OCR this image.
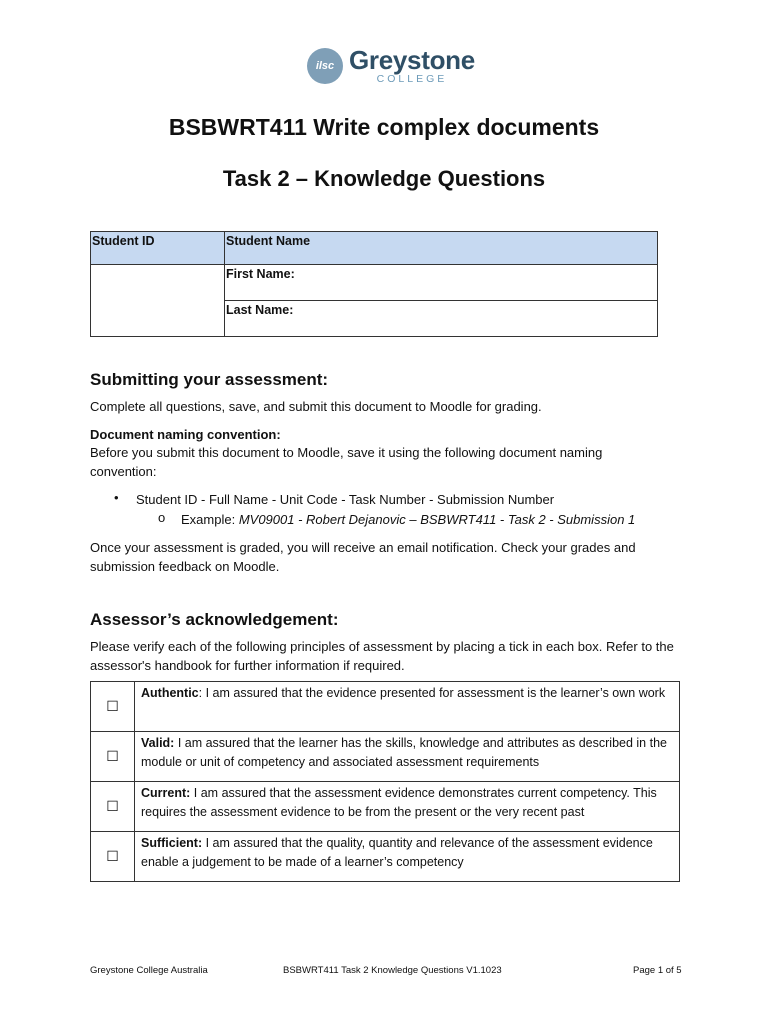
ilsc Greystone
COLLEGE
BSBWRT411 Write complex documents
Task 2 – Knowledge Questions
Student ID	Student Name
	First Name:
	Last Name:
Submitting your assessment:
Complete all questions, save, and submit this document to Moodle for grading.
Document naming convention:
Before you submit this document to Moodle, save it using the following document naming convention:
• Student ID - Full Name - Unit Code - Task Number - Submission Number
o Example: MV09001 - Robert Dejanovic – BSBWRT411 - Task 2 - Submission 1
Once your assessment is graded, you will receive an email notification. Check your grades and submission feedback on Moodle.
Assessor’s acknowledgement:
Please verify each of the following principles of assessment by placing a tick in each box. Refer to the assessor's handbook for further information if required.
☐	Authentic: I am assured that the evidence presented for assessment is the learner’s own work
☐	Valid: I am assured that the learner has the skills, knowledge and attributes as described in the module or unit of competency and associated assessment requirements
☐	Current: I am assured that the assessment evidence demonstrates current competency. This requires the assessment evidence to be from the present or the very recent past
☐	Sufficient: I am assured that the quality, quantity and relevance of the assessment evidence enable a judgement to be made of a learner’s competency
Greystone College Australia	BSBWRT411 Task 2 Knowledge Questions V1.1023	Page 1 of 5
